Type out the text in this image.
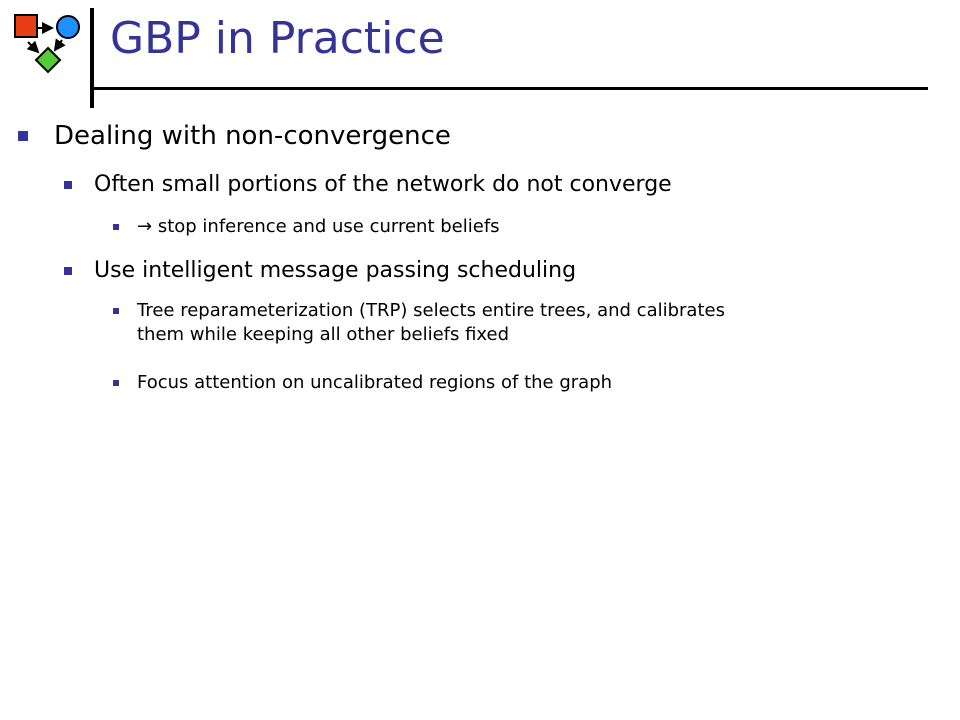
GBP in Practice
Dealing with non-convergence
Often small portions of the network do not converge
→ stop inference and use current beliefs
Use intelligent message passing scheduling
Tree reparameterization (TRP) selects entire trees, and calibrates
them while keeping all other beliefs fixed
Focus attention on uncalibrated regions of the graph
